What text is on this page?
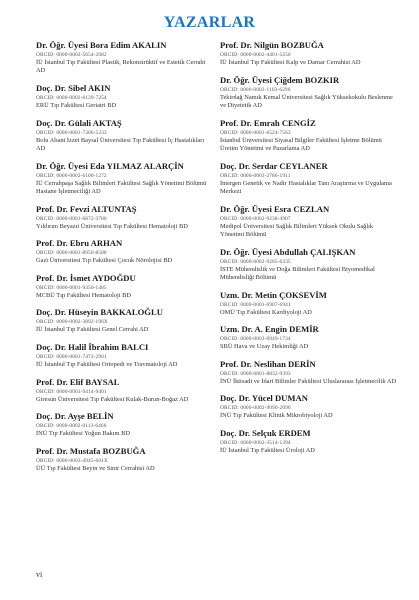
YAZARLAR
Dr. Öğr. Üyesi Bora Edim AKALIN
ORCID: 0000-0002-5654-2082
İÜ İstanbul Tıp Fakültesi Plastik, Rekonstrüktif ve Estetik Cerrahi AD
Doç. Dr. Sibel AKIN
ORCID: 0000-0002-6139-7254
ERÜ Tıp Fakültesi Geriatri BD
Doç. Dr. Gülali AKTAŞ
ORCID: 0000-0001-7306-5233
Bolu Abant İzzet Baysal Üniversitesi Tıp Fakültesi İç Hastalıkları AD
Dr. Öğr. Üyesi Eda YILMAZ ALARÇİN
ORCID: 0000-0002-6100-1272
İÜ Cerrahpaşa Sağlık Bilimleri Fakültesi Sağlık Yönetimi Bölümü Hastane İşletmeciliği AD
Prof. Dr. Fevzi ALTUNTAŞ
ORCID: 0000-0001-6872-3780
Yıldırım Beyazıt Üniversitesi Tıp Fakültesi Hematoloji BD
Prof. Dr. Ebru ARHAN
ORCID: 0000-0001-8950-8588
Gazi Üniversitesi Tıp Fakültesi Çocuk Nörolojisi BD
Prof. Dr. İsmet AYDOĞDU
ORCID: 0000-0001-9350-1485
MCBÜ Tıp Fakültesi Hematoloji BD
Doç. Dr. Hüseyin BAKKALOĞLU
ORCID: 0000-0002-3892-196X
İÜ İstanbul Tıp Fakültesi Genel Cerrahi AD
Doç. Dr. Halil İbrahim BALCI
ORCID: 0000-0001-7472-2901
İÜ İstanbul Tıp Fakültesi Ortopedi ve Travmatoloji AD
Prof. Dr. Elif BAYSAL
ORCID: 0000-0001-9414-9401
Giresun Üniversitesi Tıp Fakültesi Kulak-Burun-Boğaz AD
Doç. Dr. Ayşe BELİN
ORCID: 0000-0002-0113-6466
İNÜ Tıp Fakültesi Yoğun Bakım BD
Prof. Dr. Mustafa BOZBUĞA
ORCID: 0000-0003-4945-601X
ÜÜ Tıp Fakültesi Beyin ve Sinir Cerrahisi AD
Prof. Dr. Nilgün BOZBUĞA
ORCID: 0000-0002-4401-5250
İÜ İstanbul Tıp Fakültesi Kalp ve Damar Cerrahisi AD
Dr. Öğr. Üyesi Çiğdem BOZKIR
ORCID: 0000-0002-1103-6290
Tekirdağ Namık Kemal Üniversitesi Sağlık Yüksekokulu Beslenme ve Diyetetik AD
Prof. Dr. Emrah CENGİZ
ORCID: 0000-0001-6524-7563
İstanbul Üniversitesi Siyasal Bilgiler Fakültesi İşletme Bölümü Üretim Yönetimi ve Pazarlama AD
Doç. Dr. Serdar CEYLANER
ORCID: 0000-0003-2786-1911
İntergen Genetik ve Nadir Hastalıklar Tanı Araştırma ve Uygulama Merkezi
Dr. Öğr. Üyesi Esra CEZLAN
ORCID: 0000-0002-9238-4907
Medipol Üniversitesi Sağlık Bilimleri Yüksek Okulu Sağlık Yönetimi Bölümü
Dr. Öğr. Üyesi Abdullah ÇALIŞKAN
ORCID: 0000-0002-9265-6335
İSTE Mühendislik ve Doğa Bilimleri Fakültesi Biyomedikal Mühendisliği Bölümü
Uzm. Dr. Metin ÇOKSEVİM
ORCID: 0000-0001-6907-6941
OMÜ Tıp Fakültesi Kardiyoloji AD
Uzm. Dr. A. Engin DEMİR
ORCID: 0000-0003-0949-1734
SBÜ Hava ve Uzay Hekimliği AD
Prof. Dr. Neslihan DERİN
ORCID: 0000-0001-8832-9393
İNÜ İktisadi ve İdari Bilimler Fakültesi Uluslararası İşletmecilik AD
Doç. Dr. Yücel DUMAN
ORCID: 0000-0002-9090-2096
İNÜ Tıp Fakültesi Klinik Mikrobiyoloji AD
Doç. Dr. Selçuk ERDEM
ORCID: 0000-0002-3514-1394
İÜ İstanbul Tıp Fakültesi Üroloji AD
vi
